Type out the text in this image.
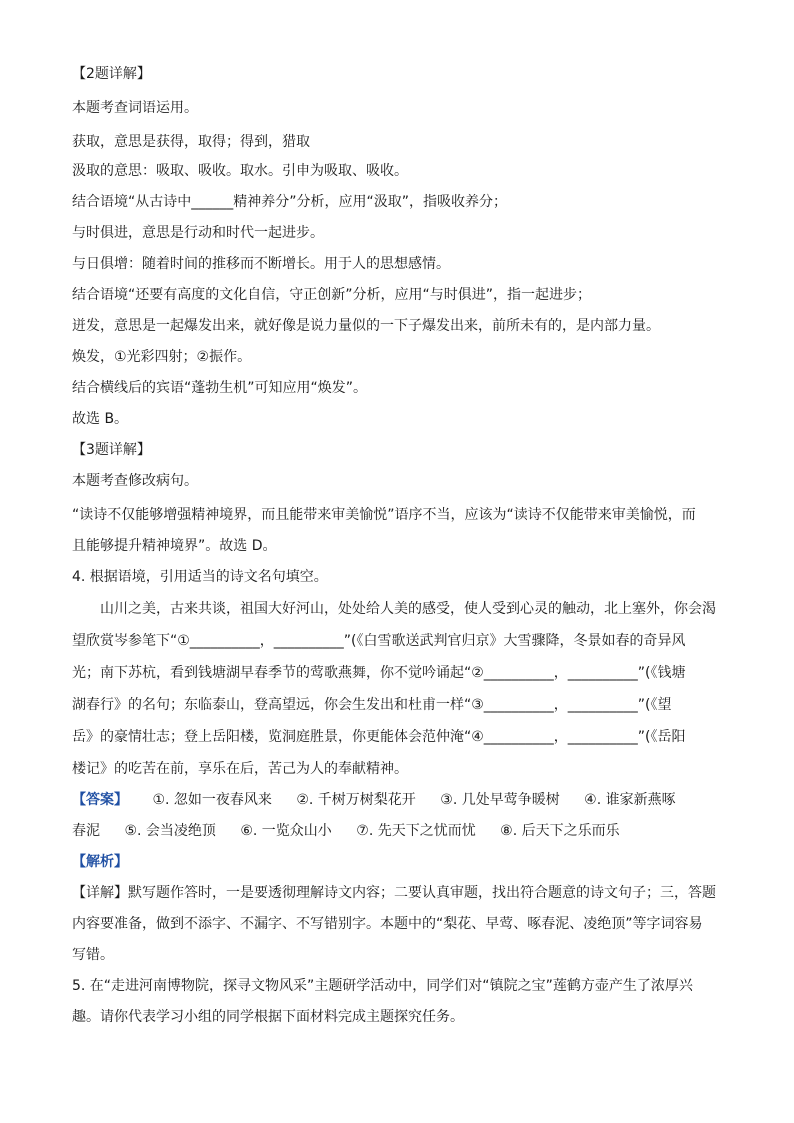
【2题详解】
本题考查词语运用。
获取，意思是获得，取得；得到，猎取
汲取的意思：吸取、吸收。取水。引申为吸取、吸收。
结合语境“从古诗中______精神养分”分析，应用“汲取”，指吸收养分；
与时俱进，意思是行动和时代一起进步。
与日俱增：随着时间的推移而不断增长。用于人的思想感情。
结合语境“还要有高度的文化自信，守正创新”分析，应用“与时俱进”，指一起进步；
迸发，意思是一起爆发出来，就好像是说力量似的一下子爆发出来，前所未有的，是内部力量。
焕发，①光彩四射；②振作。
结合横线后的宾语“蓬勃生机”可知应用“焕发”。
故选 B。
【3题详解】
本题考查修改病句。
“读诗不仅能够增强精神境界，而且能带来审美愉悦”语序不当，应该为“读诗不仅能带来审美愉悦，而
且能够提升精神境界”。故选 D。
4. 根据语境，引用适当的诗文名句填空。
山川之美，古来共谈，祖国大好河山，处处给人美的感受，使人受到心灵的触动，北上塞外，你会渴
望欣赏岑参笔下“①__________，__________”(《白雪歌送武判官归京》大雪骤降，冬景如春的奇异风
光；南下苏杭，看到钱塘湖早春季节的莺歌燕舞，你不觉吟诵起“②__________，__________”(《钱塘
湖春行》的名句；东临泰山，登高望远，你会生发出和杜甫一样“③__________，__________”(《望
岳》的豪情壮志；登上岳阳楼，览洞庭胜景，你更能体会范仲淹“④__________，__________”(《岳阳
楼记》的吃苦在前，享乐在后，苦己为人的奉献精神。
【答案】 ①. 忽如一夜春风来 ②. 千树万树梨花开 ③. 几处早莺争暖树 ④. 谁家新燕啄
春泥 ⑤. 会当凌绝顶 ⑥. 一览众山小 ⑦. 先天下之忧而忧 ⑧. 后天下之乐而乐
【解析】
【详解】默写题作答时，一是要透彻理解诗文内容；二要认真审题，找出符合题意的诗文句子；三，答题
内容要准备，做到不添字、不漏字、不写错别字。本题中的“梨花、早莺、啄春泥、凌绝顶”等字词容易
写错。
5. 在“走进河南博物院，探寻文物风采”主题研学活动中，同学们对“镇院之宝”莲鹤方壶产生了浓厚兴
趣。请你代表学习小组的同学根据下面材料完成主题探究任务。
